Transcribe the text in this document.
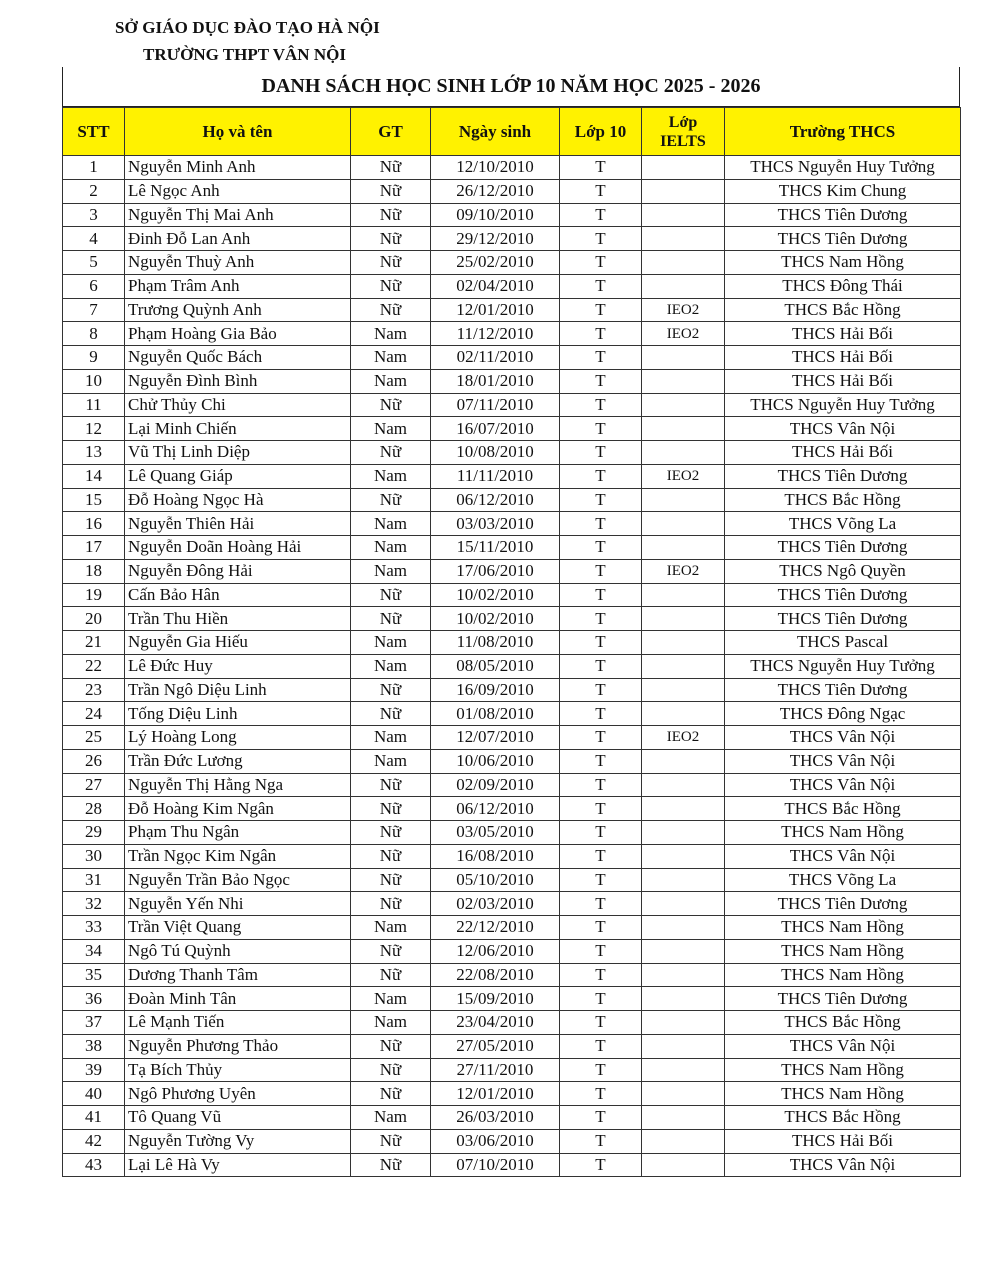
SỞ GIÁO DỤC ĐÀO TẠO HÀ NỘI
TRƯỜNG THPT VÂN NỘI
DANH SÁCH HỌC SINH LỚP 10 NĂM HỌC 2025 - 2026
STT	Họ và tên	GT	Ngày sinh	Lớp 10	Lớp IELTS	Trường THCS
1	Nguyễn Minh Anh	Nữ	12/10/2010	T		THCS Nguyễn Huy Tưởng
2	Lê Ngọc Anh	Nữ	26/12/2010	T		THCS Kim Chung
3	Nguyễn Thị Mai Anh	Nữ	09/10/2010	T		THCS Tiên Dương
4	Đinh Đỗ Lan Anh	Nữ	29/12/2010	T		THCS Tiên Dương
5	Nguyễn Thuỳ Anh	Nữ	25/02/2010	T		THCS Nam Hồng
6	Phạm Trâm Anh	Nữ	02/04/2010	T		THCS Đông Thái
7	Trương Quỳnh Anh	Nữ	12/01/2010	T	IEO2	THCS Bắc Hồng
8	Phạm Hoàng Gia Bảo	Nam	11/12/2010	T	IEO2	THCS Hải Bối
9	Nguyễn Quốc Bách	Nam	02/11/2010	T		THCS Hải Bối
10	Nguyễn Đình Bình	Nam	18/01/2010	T		THCS Hải Bối
11	Chử Thủy Chi	Nữ	07/11/2010	T		THCS Nguyễn Huy Tưởng
12	Lại Minh Chiến	Nam	16/07/2010	T		THCS Vân Nội
13	Vũ Thị Linh Diệp	Nữ	10/08/2010	T		THCS Hải Bối
14	Lê Quang Giáp	Nam	11/11/2010	T	IEO2	THCS Tiên Dương
15	Đỗ Hoàng Ngọc Hà	Nữ	06/12/2010	T		THCS Bắc Hồng
16	Nguyễn Thiên Hải	Nam	03/03/2010	T		THCS Võng La
17	Nguyễn Doãn Hoàng Hải	Nam	15/11/2010	T		THCS Tiên Dương
18	Nguyễn Đông Hải	Nam	17/06/2010	T	IEO2	THCS Ngô Quyền
19	Cấn Bảo Hân	Nữ	10/02/2010	T		THCS Tiên Dương
20	Trần Thu Hiền	Nữ	10/02/2010	T		THCS Tiên Dương
21	Nguyễn Gia Hiếu	Nam	11/08/2010	T		THCS Pascal
22	Lê Đức Huy	Nam	08/05/2010	T		THCS Nguyễn Huy Tưởng
23	Trần Ngô Diệu Linh	Nữ	16/09/2010	T		THCS Tiên Dương
24	Tống Diệu Linh	Nữ	01/08/2010	T		THCS Đông Ngạc
25	Lý Hoàng Long	Nam	12/07/2010	T	IEO2	THCS Vân Nội
26	Trần Đức Lương	Nam	10/06/2010	T		THCS Vân Nội
27	Nguyễn Thị Hằng Nga	Nữ	02/09/2010	T		THCS Vân Nội
28	Đỗ Hoàng Kim Ngân	Nữ	06/12/2010	T		THCS Bắc Hồng
29	Phạm Thu Ngân	Nữ	03/05/2010	T		THCS Nam Hồng
30	Trần Ngọc Kim Ngân	Nữ	16/08/2010	T		THCS Vân Nội
31	Nguyễn Trần Bảo Ngọc	Nữ	05/10/2010	T		THCS Võng La
32	Nguyễn Yến Nhi	Nữ	02/03/2010	T		THCS Tiên Dương
33	Trần Việt Quang	Nam	22/12/2010	T		THCS Nam Hồng
34	Ngô Tú Quỳnh	Nữ	12/06/2010	T		THCS Nam Hồng
35	Dương Thanh Tâm	Nữ	22/08/2010	T		THCS Nam Hồng
36	Đoàn Minh Tân	Nam	15/09/2010	T		THCS Tiên Dương
37	Lê Mạnh Tiến	Nam	23/04/2010	T		THCS Bắc Hồng
38	Nguyễn Phương Thảo	Nữ	27/05/2010	T		THCS Vân Nội
39	Tạ Bích Thủy	Nữ	27/11/2010	T		THCS Nam Hồng
40	Ngô Phương Uyên	Nữ	12/01/2010	T		THCS Nam Hồng
41	Tô Quang Vũ	Nam	26/03/2010	T		THCS Bắc Hồng
42	Nguyễn Tường Vy	Nữ	03/06/2010	T		THCS Hải Bối
43	Lại Lê Hà Vy	Nữ	07/10/2010	T		THCS Vân Nội
